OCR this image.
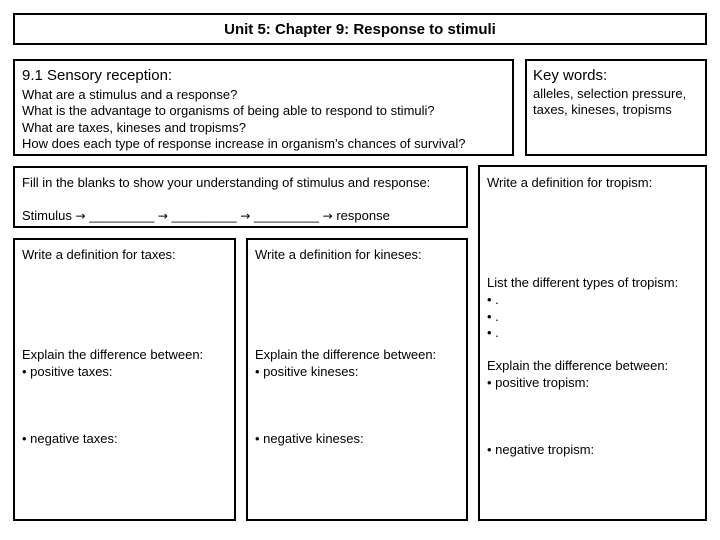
Unit 5: Chapter 9: Response to stimuli
9.1 Sensory reception:
What are a stimulus and a response?
What is the advantage to organisms of being able to respond to stimuli?
What are taxes, kineses and tropisms?
How does each type of response increase in organism’s chances of survival?
Key words:
alleles, selection pressure,
taxes, kineses, tropisms
Fill in the blanks to show your understanding of stimulus and response:
Stimulus → _________ → _________ → _________ → response
Write a definition for tropism:
List the different types of tropism:
• .
• .
• .
Explain the difference between:
• positive tropism:
• negative tropism:
Write a definition for taxes:
Explain the difference between:
• positive taxes:
• negative taxes:
Write a definition for kineses:
Explain the difference between:
• positive kineses:
• negative kineses:
